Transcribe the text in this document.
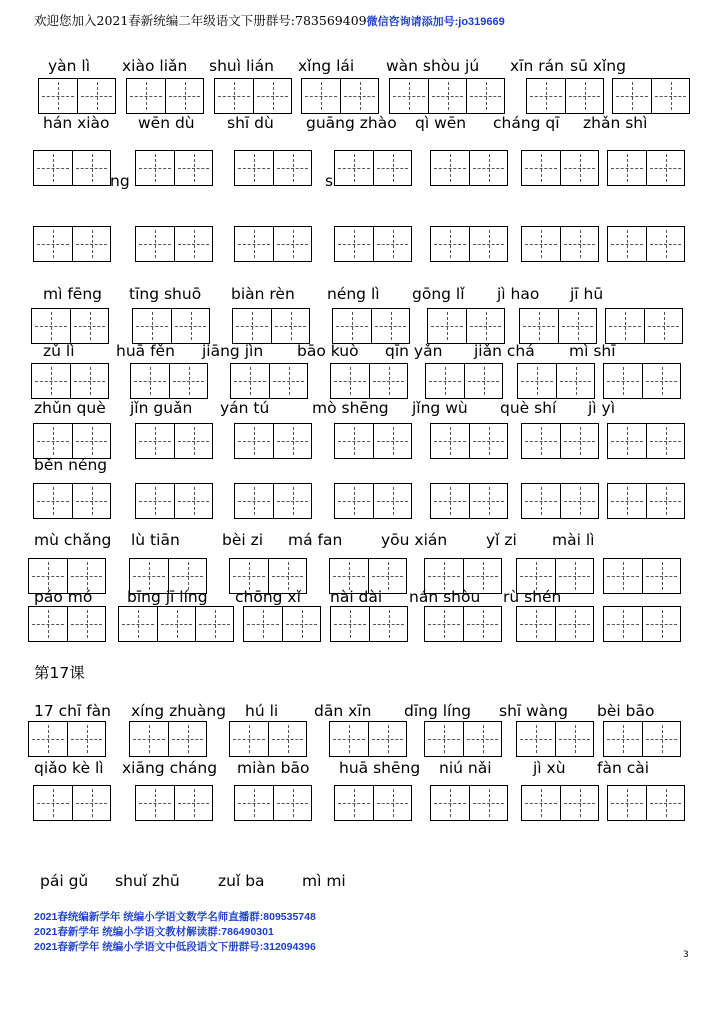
欢迎您加入2021春新统编二年级语文下册群号:783569409微信咨询请添加号:jo319669
yàn lì xiào liǎn shuì lián xǐng lái wàn shòu jú xīn rán sū xǐng
hán xiào wēn dù shī dù guāng zhào qì wēn cháng qī zhǎn shì
ng	s
mì fēng tīng shuō biàn rèn néng lì gōng lǐ jì hao jī hū
zǔ lì	huā fěn jiāng jìn bāo kuò qīn yǎn jiǎn chá mì shī
zhǔn què jǐn guǎn yán tú	mò shēng jǐng wù què shí jì yì
běn néng
mù chǎng lù tiān	bèi zi má fan yōu xián	yǐ zi mài lì
páo mó bīng jī líng chōng xǐ nài dài nán shòu rù shén
17 chī fàn xíng zhuàng hú li dān xīn dīng líng shī wàng bèi bāo
qiǎo kè lì xiāng cháng miàn bāo huā shēng niú nǎi	jì xù fàn cài
pái gǔ shuǐ zhū zuǐ ba mì mi
第17课
2021春统编新学年 统编小学语文数学名师直播群:809535748
2021春新学年 统编小学语文教材解读群:786490301
2021春新学年 统编小学语文中低段语文下册群号:312094396
3
